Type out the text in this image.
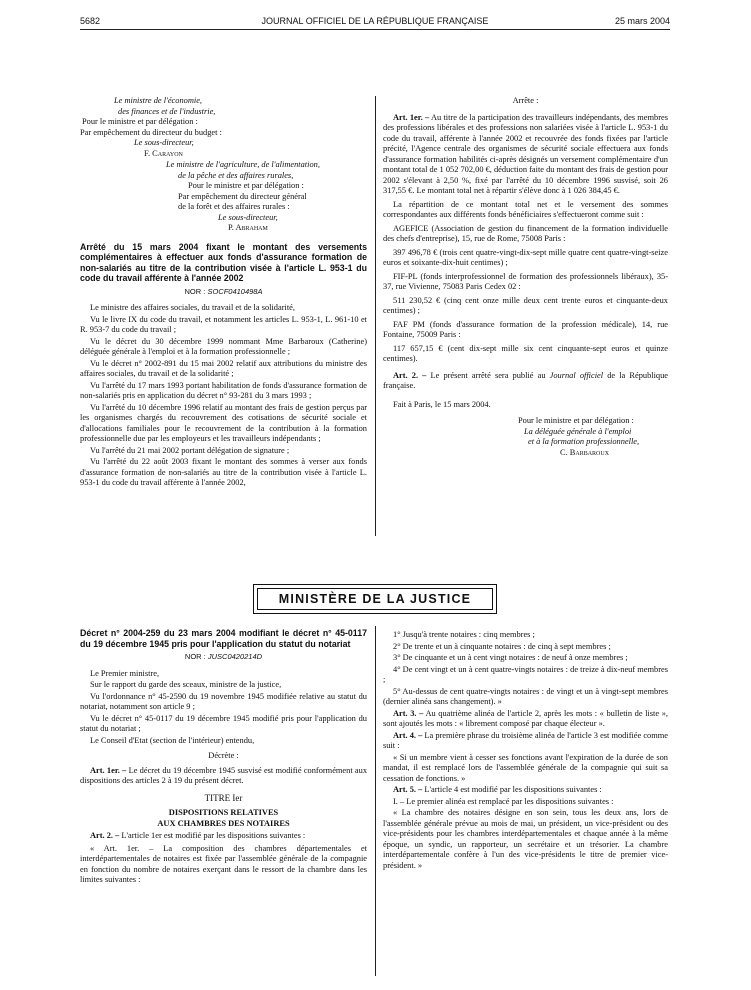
5682	JOURNAL OFFICIEL DE LA RÉPUBLIQUE FRANÇAISE	25 mars 2004

Le ministre de l'économie,

des finances et de l'industrie,

Pour le ministre et par délégation :

Par empêchement du directeur du budget :

Le sous-directeur,

F. Carayon

Le ministre de l'agriculture, de l'alimentation,

de la pêche et des affaires rurales,

Pour le ministre et par délégation :

Par empêchement du directeur général

de la forêt et des affaires rurales :

Le sous-directeur,

P. Abraham

Arrêté du 15 mars 2004 fixant le montant des versements complémentaires à effectuer aux fonds d'assurance formation de non-salariés au titre de la contribution visée à l'article L. 953-1 du code du travail afférente à l'année 2002
NOR : SOCF0410498A

Le ministre des affaires sociales, du travail et de la solidarité,

Vu le livre IX du code du travail, et notamment les articles L. 953-1, L. 961-10 et R. 953-7 du code du travail ;

Vu le décret du 30 décembre 1999 nommant Mme Barbaroux (Catherine) déléguée générale à l'emploi et à la formation professionnelle ;

Vu le décret n° 2002-891 du 15 mai 2002 relatif aux attributions du ministre des affaires sociales, du travail et de la solidarité ;

Vu l'arrêté du 17 mars 1993 portant habilitation de fonds d'assurance formation de non-salariés pris en application du décret n° 93-281 du 3 mars 1993 ;

Vu l'arrêté du 10 décembre 1996 relatif au montant des frais de gestion perçus par les organismes chargés du recouvrement des cotisations de sécurité sociale et d'allocations familiales pour le recouvrement de la contribution à la formation professionnelle due par les employeurs et les travailleurs indépendants ;

Vu l'arrêté du 21 mai 2002 portant délégation de signature ;

Vu l'arrêté du 22 août 2003 fixant le montant des sommes à verser aux fonds d'assurance formation de non-salariés au titre de la contribution visée à l'article L. 953-1 du code du travail afférente à l'année 2002,

Arrête :

Art. 1er. – Au titre de la participation des travailleurs indépendants, des membres des professions libérales et des professions non salariées visée à l'article L. 953-1 du code du travail, afférente à l'année 2002 et recouvrée des fonds fixées par l'article précité, l'Agence centrale des organismes de sécurité sociale effectuera aux fonds d'assurance formation habilités ci-après désignés un versement complémentaire d'un montant total de 1 052 702,00 €, déduction faite du montant des frais de gestion pour 2002 s'élevant à 2,50 %, fixé par l'arrêté du 10 décembre 1996 susvisé, soit 26 317,55 €. Le montant total net à répartir s'élève donc à 1 026 384,45 €.

La répartition de ce montant total net et le versement des sommes correspondantes aux différents fonds bénéficiaires s'effectueront comme suit :

AGEFICE (Association de gestion du financement de la formation individuelle des chefs d'entreprise), 15, rue de Rome, 75008 Paris :

397 496,78 € (trois cent quatre-vingt-dix-sept mille quatre cent quatre-vingt-seize euros et soixante-dix-huit centimes) ;

FIF-PL (fonds interprofessionnel de formation des professionnels libéraux), 35-37, rue Vivienne, 75083 Paris Cedex 02 :

511 230,52 € (cinq cent onze mille deux cent trente euros et cinquante-deux centimes) ;

FAF PM (fonds d'assurance formation de la profession médicale), 14, rue Fontaine, 75009 Paris :

117 657,15 € (cent dix-sept mille six cent cinquante-sept euros et quinze centimes).

Art. 2. – Le présent arrêté sera publié au Journal officiel de la République française.

Fait à Paris, le 15 mars 2004.

Pour le ministre et par délégation :

La déléguée générale à l'emploi

et à la formation professionnelle,

C. Barbaroux

MINISTÈRE DE LA JUSTICE
Décret n° 2004-259 du 23 mars 2004 modifiant le décret n° 45-0117 du 19 décembre 1945 pris pour l'application du statut du notariat
NOR : JUSC0420214D

Le Premier ministre,

Sur le rapport du garde des sceaux, ministre de la justice,

Vu l'ordonnance n° 45-2590 du 19 novembre 1945 modifiée relative au statut du notariat, notamment son article 9 ;

Vu le décret n° 45-0117 du 19 décembre 1945 modifié pris pour l'application du statut du notariat ;

Le Conseil d'Etat (section de l'intérieur) entendu,

Décrète :

Art. 1er. – Le décret du 19 décembre 1945 susvisé est modifié conformément aux dispositions des articles 2 à 19 du présent décret.

TITRE Ier

DISPOSITIONS RELATIVES

AUX CHAMBRES DES NOTAIRES

Art. 2. – L'article 1er est modifié par les dispositions suivantes :

« Art. 1er. – La composition des chambres départementales et interdépartementales de notaires est fixée par l'assemblée générale de la compagnie en fonction du nombre de notaires exerçant dans le ressort de la chambre dans les limites suivantes :

1° Jusqu'à trente notaires : cinq membres ;

2° De trente et un à cinquante notaires : de cinq à sept membres ;

3° De cinquante et un à cent vingt notaires : de neuf à onze membres ;

4° De cent vingt et un à cent quatre-vingts notaires : de treize à dix-neuf membres ;

5° Au-dessus de cent quatre-vingts notaires : de vingt et un à vingt-sept membres (dernier alinéa sans changement). »

Art. 3. – Au quatrième alinéa de l'article 2, après les mots : « bulletin de liste », sont ajoutés les mots : « librement composé par chaque électeur ».

Art. 4. – La première phrase du troisième alinéa de l'article 3 est modifiée comme suit :

« Si un membre vient à cesser ses fonctions avant l'expiration de la durée de son mandat, il est remplacé lors de l'assemblée générale de la compagnie qui suit sa cessation de fonctions. »

Art. 5. – L'article 4 est modifié par les dispositions suivantes :

I. – Le premier alinéa est remplacé par les dispositions suivantes :

« La chambre des notaires désigne en son sein, tous les deux ans, lors de l'assemblée générale prévue au mois de mai, un président, un vice-président ou des vice-présidents pour les chambres interdépartementales et chaque année à la même époque, un syndic, un rapporteur, un secrétaire et un trésorier. La chambre interdépartementale confère à l'un des vice-présidents le titre de premier vice-président. »
